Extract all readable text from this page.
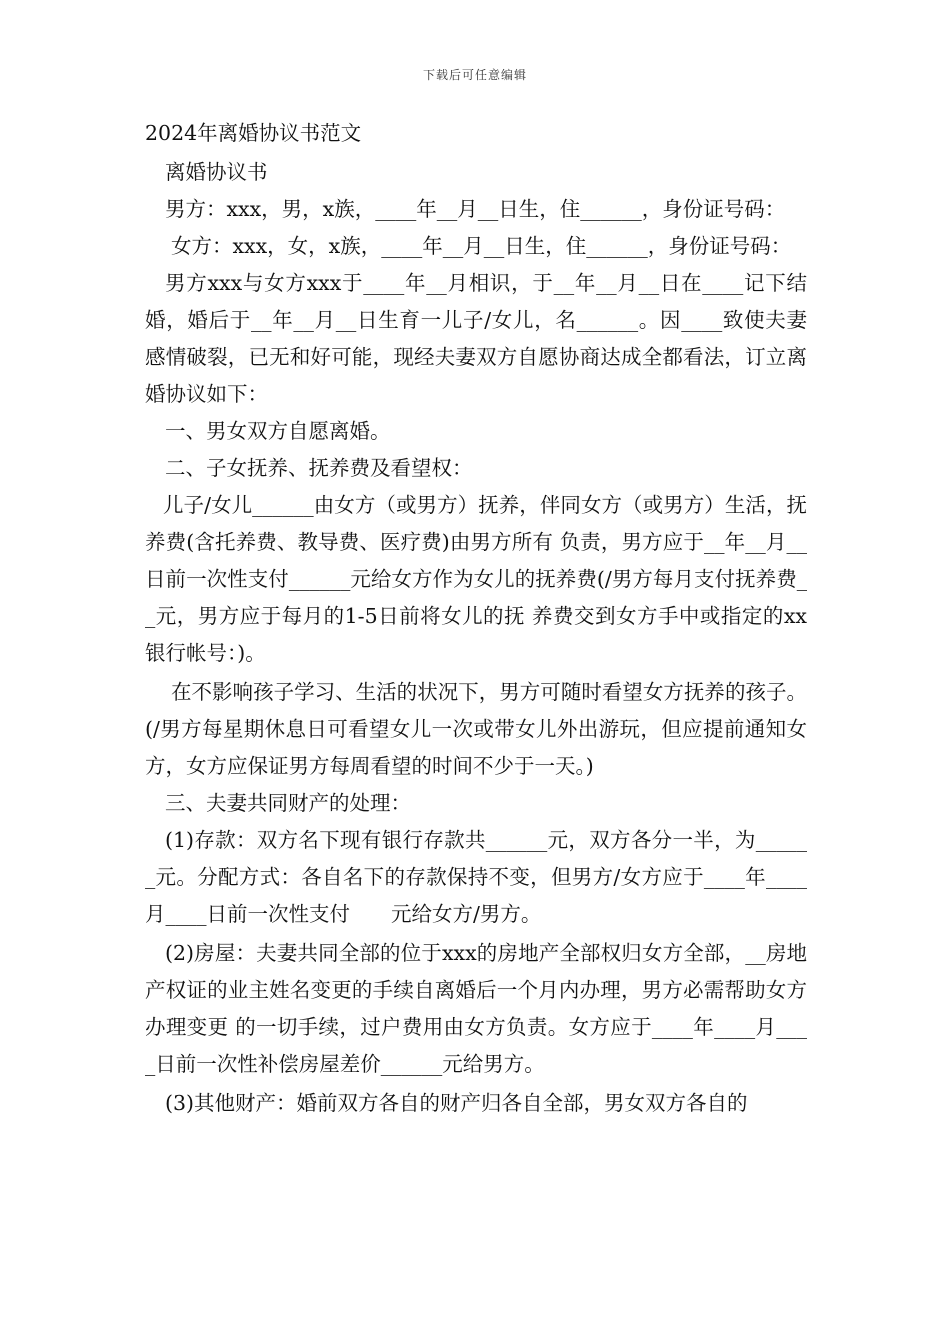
下载后可任意编辑

2024年离婚协议书范文

离婚协议书

男方：xxx，男，x族，____年__月__日生，住______，身份证号码：

女方：xxx，女，x族，____年__月__日生，住______，身份证号码：

男方xxx与女方xxx于____年__月相识，于__年__月__日在____记下结婚，婚后于__年__月__日生育一儿子/女儿，名______。因____致使夫妻感情破裂，已无和好可能，现经夫妻双方自愿协商达成全都看法，订立离婚协议如下：

一、男女双方自愿离婚。

二、子女抚养、抚养费及看望权：

儿子/女儿______由女方（或男方）抚养，伴同女方（或男方）生活，抚养费(含托养费、教导费、医疗费)由男方所有 负责，男方应于__年__月__日前一次性支付______元给女方作为女儿的抚养费(/男方每月支付抚养费__元，男方应于每月的1-5日前将女儿的抚 养费交到女方手中或指定的xx银行帐号：)。

在不影响孩子学习、生活的状况下，男方可随时看望女方抚养的孩子。(/男方每星期休息日可看望女儿一次或带女儿外出游玩，但应提前通知女方，女方应保证男方每周看望的时间不少于一天。)

三、夫妻共同财产的处理：

(1)存款：双方名下现有银行存款共______元，双方各分一半，为______元。分配方式：各自名下的存款保持不变，但男方/女方应于____年____月____日前一次性支付　　元给女方/男方。

(2)房屋：夫妻共同全部的位于xxx的房地产全部权归女方全部，__房地产权证的业主姓名变更的手续自离婚后一个月内办理，男方必需帮助女方办理变更 的一切手续，过户费用由女方负责。女方应于____年____月____日前一次性补偿房屋差价______元给男方。

(3)其他财产：婚前双方各自的财产归各自全部，男女双方各自的
